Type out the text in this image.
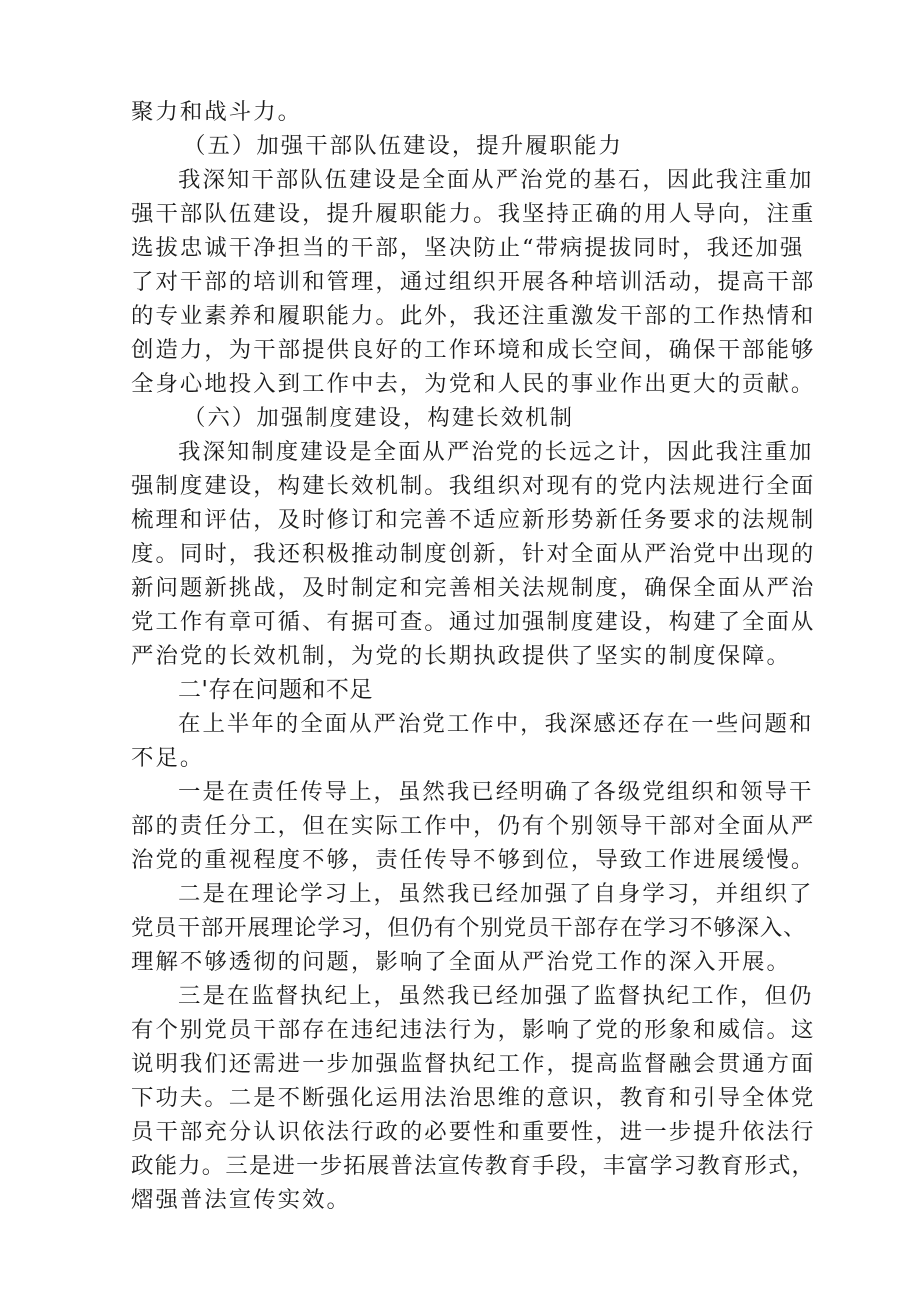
聚力和战斗力。

（五）加强干部队伍建设，提升履职能力

我深知干部队伍建设是全面从严治党的基石，因此我注重加

强干部队伍建设，提升履职能力。我坚持正确的用人导向，注重

选拔忠诚干净担当的干部，坚决防止“带病提拔同时，我还加强

了对干部的培训和管理，通过组织开展各种培训活动，提高干部

的专业素养和履职能力。此外，我还注重激发干部的工作热情和

创造力，为干部提供良好的工作环境和成长空间，确保干部能够

全身心地投入到工作中去，为党和人民的事业作出更大的贡献。

（六）加强制度建设，构建长效机制

我深知制度建设是全面从严治党的长远之计，因此我注重加

强制度建设，构建长效机制。我组织对现有的党内法规进行全面

梳理和评估，及时修订和完善不适应新形势新任务要求的法规制

度。同时，我还积极推动制度创新，针对全面从严治党中出现的

新问题新挑战，及时制定和完善相关法规制度，确保全面从严治

党工作有章可循、有据可查。通过加强制度建设，构建了全面从

严治党的长效机制，为党的长期执政提供了坚实的制度保障。

二'存在问题和不足

在上半年的全面从严治党工作中，我深感还存在一些问题和

不足。

一是在责任传导上，虽然我已经明确了各级党组织和领导干

部的责任分工，但在实际工作中，仍有个别领导干部对全面从严

治党的重视程度不够，责任传导不够到位，导致工作进展缓慢。

二是在理论学习上，虽然我已经加强了自身学习，并组织了

党员干部开展理论学习，但仍有个别党员干部存在学习不够深入、

理解不够透彻的问题，影响了全面从严治党工作的深入开展。

三是在监督执纪上，虽然我已经加强了监督执纪工作，但仍

有个别党员干部存在违纪违法行为，影响了党的形象和威信。这

说明我们还需进一步加强监督执纪工作，提高监督融会贯通方面

下功夫。二是不断强化运用法治思维的意识，教育和引导全体党

员干部充分认识依法行政的必要性和重要性，进一步提升依法行

政能力。三是进一步拓展普法宣传教育手段，丰富学习教育形式，

熠强普法宣传实效。
